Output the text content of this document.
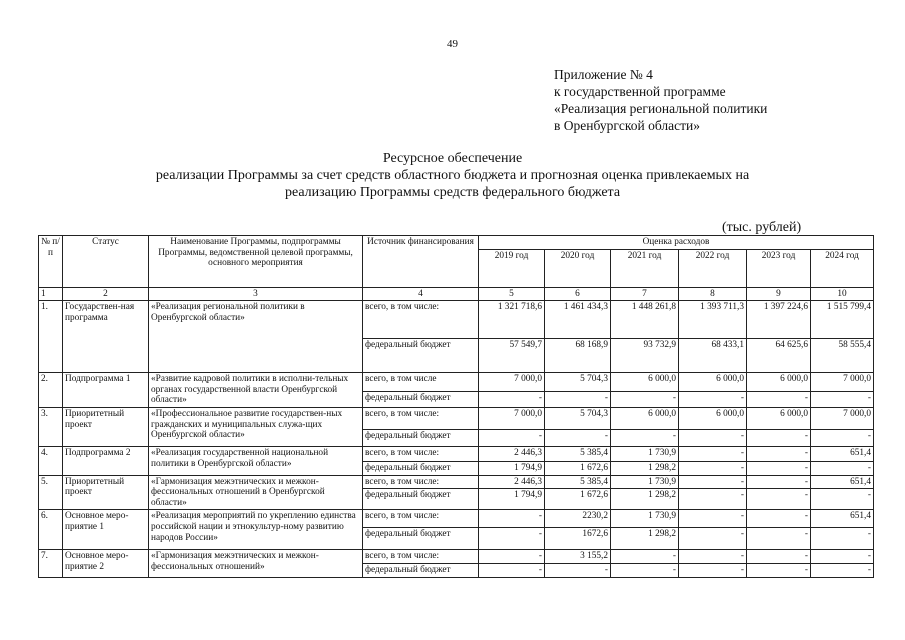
49
Приложение № 4
к государственной программе
«Реализация региональной политики
в Оренбургской области»
Ресурсное обеспечение
реализации Программы за счет средств областного бюджета и прогнозная оценка привлекаемых на
реализацию Программы средств федерального бюджета
(тыс. рублей)
№ п/п	Статус	Наименование Программы, подпрограммы Программы, ведомственной целевой программы, основного мероприятия	Источник финансирования	Оценка расходов					
				2019 год	2020 год	2021 год	2022 год	2023 год	2024 год
1	2	3	4	5	6	7	8	9	10
1.	Государствен-ная программа	«Реализация региональной политики в Оренбургской области»	всего, в том числе:	1 321 718,6	1 461 434,3	1 448 261,8	1 393 711,3	1 397 224,6	1 515 799,4
			федеральный бюджет	57 549,7	68 168,9	93 732,9	68 433,1	64 625,6	58 555,4
2.	Подпрограмма 1	«Развитие кадровой политики в исполни-тельных органах государственной власти Оренбургской области»	всего, в том числе	7 000,0	5 704,3	6 000,0	6 000,0	6 000,0	7 000,0
			федеральный бюджет	-	-	-	-	-	-
3.	Приоритетный проект	«Профессиональное развитие государствен-ных гражданских и муниципальных служа-щих Оренбургской области»	всего, в том числе:	7 000,0	5 704,3	6 000,0	6 000,0	6 000,0	7 000,0
			федеральный бюджет	-	-	-	-	-	-
4.	Подпрограмма 2	«Реализация государственной национальной политики в Оренбургской области»	всего, в том числе:	2 446,3	5 385,4	1 730,9	-	-	651,4
			федеральный бюджет	1 794,9	1 672,6	1 298,2	-	-	-
5.	Приоритетный проект	«Гармонизация межэтнических и межкон-фессиональных отношений в Оренбургской области»	всего, в том числе:	2 446,3	5 385,4	1 730,9	-	-	651,4
			федеральный бюджет	1 794,9	1 672,6	1 298,2	-	-	-
6.	Основное меро-приятие 1	«Реализация мероприятий по укреплению единства российской нации и этнокультур-ному развитию народов России»	всего, в том числе:	-	2230,2	1 730,9	-	-	651,4
			федеральный бюджет	-	1672,6	1 298,2	-	-	-
7.	Основное меро-приятие 2	«Гармонизация межэтнических и межкон-фессиональных отношений»	всего, в том числе:	-	3 155,2	-	-	-	-
			федеральный бюджет	-	-	-	-	-	-
